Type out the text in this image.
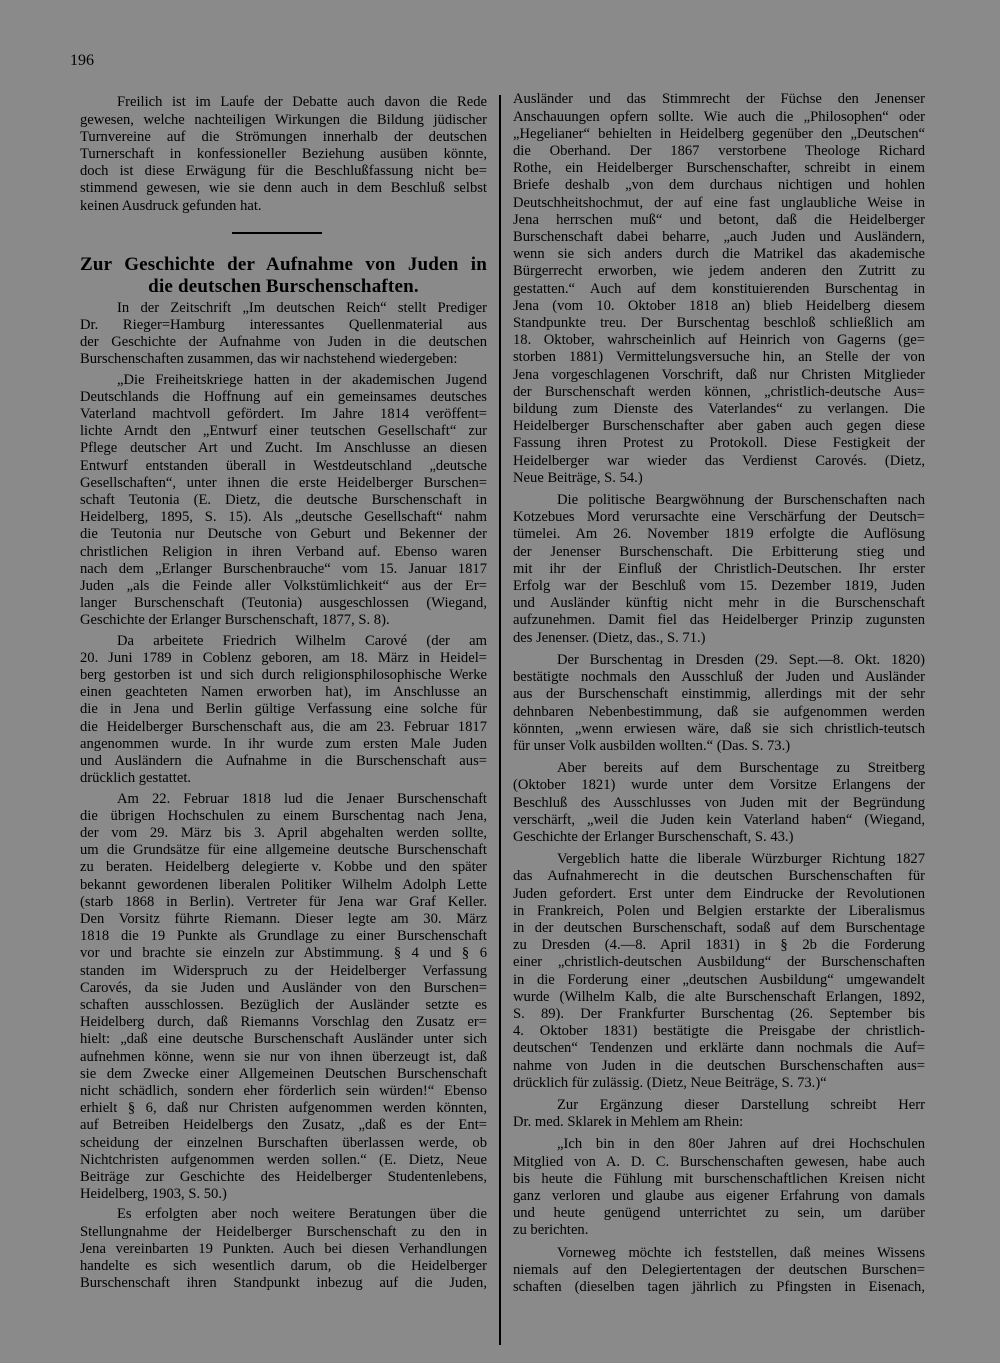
196
Freilich ist im Laufe der Debatte auch davon die Rede
gewesen, welche nachteiligen Wirkungen die Bildung jüdischer
Turnvereine auf die Strömungen innerhalb der deutschen
Turnerschaft in konfessioneller Beziehung ausüben könnte,
doch ist diese Erwägung für die Beschlußfassung nicht be=
stimmend gewesen, wie sie denn auch in dem Beschluß selbst
keinen Ausdruck gefunden hat.
Zur Geschichte der Aufnahme von Juden in
die deutschen Burschenschaften.
In der Zeitschrift „Im deutschen Reich“ stellt Prediger
Dr. Rieger=Hamburg interessantes Quellenmaterial aus
der Geschichte der Aufnahme von Juden in die deutschen
Burschenschaften zusammen, das wir nachstehend wiedergeben:
„Die Freiheitskriege hatten in der akademischen Jugend
Deutschlands die Hoffnung auf ein gemeinsames deutsches
Vaterland machtvoll gefördert. Im Jahre 1814 veröffent=
lichte Arndt den „Entwurf einer teutschen Gesellschaft“ zur
Pflege deutscher Art und Zucht. Im Anschlusse an diesen
Entwurf entstanden überall in Westdeutschland „deutsche
Gesellschaften“, unter ihnen die erste Heidelberger Burschen=
schaft Teutonia (E. Dietz, die deutsche Burschenschaft in
Heidelberg, 1895, S. 15). Als „deutsche Gesellschaft“ nahm
die Teutonia nur Deutsche von Geburt und Bekenner der
christlichen Religion in ihren Verband auf. Ebenso waren
nach dem „Erlanger Burschenbrauche“ vom 15. Januar 1817
Juden „als die Feinde aller Volkstümlichkeit“ aus der Er=
langer Burschenschaft (Teutonia) ausgeschlossen (Wiegand,
Geschichte der Erlanger Burschenschaft, 1877, S. 8).
Da arbeitete Friedrich Wilhelm Carové (der am
20. Juni 1789 in Coblenz geboren, am 18. März in Heidel=
berg gestorben ist und sich durch religionsphilosophische Werke
einen geachteten Namen erworben hat), im Anschlusse an
die in Jena und Berlin gültige Verfassung eine solche für
die Heidelberger Burschenschaft aus, die am 23. Februar 1817
angenommen wurde. In ihr wurde zum ersten Male Juden
und Ausländern die Aufnahme in die Burschenschaft aus=
drücklich gestattet.
Am 22. Februar 1818 lud die Jenaer Burschenschaft
die übrigen Hochschulen zu einem Burschentag nach Jena,
der vom 29. März bis 3. April abgehalten werden sollte,
um die Grundsätze für eine allgemeine deutsche Burschenschaft
zu beraten. Heidelberg delegierte v. Kobbe und den später
bekannt gewordenen liberalen Politiker Wilhelm Adolph Lette
(starb 1868 in Berlin). Vertreter für Jena war Graf Keller.
Den Vorsitz führte Riemann. Dieser legte am 30. März
1818 die 19 Punkte als Grundlage zu einer Burschenschaft
vor und brachte sie einzeln zur Abstimmung. § 4 und § 6
standen im Widerspruch zu der Heidelberger Verfassung
Carovés, da sie Juden und Ausländer von den Burschen=
schaften ausschlossen. Bezüglich der Ausländer setzte es
Heidelberg durch, daß Riemanns Vorschlag den Zusatz er=
hielt: „daß eine deutsche Burschenschaft Ausländer unter sich
aufnehmen könne, wenn sie nur von ihnen überzeugt ist, daß
sie dem Zwecke einer Allgemeinen Deutschen Burschenschaft
nicht schädlich, sondern eher förderlich sein würden!“ Ebenso
erhielt § 6, daß nur Christen aufgenommen werden könnten,
auf Betreiben Heidelbergs den Zusatz, „daß es der Ent=
scheidung der einzelnen Burschaften überlassen werde, ob
Nichtchristen aufgenommen werden sollen.“ (E. Dietz, Neue
Beiträge zur Geschichte des Heidelberger Studentenlebens,
Heidelberg, 1903, S. 50.)
Es erfolgten aber noch weitere Beratungen über die
Stellungnahme der Heidelberger Burschenschaft zu den in
Jena vereinbarten 19 Punkten. Auch bei diesen Verhandlungen
handelte es sich wesentlich darum, ob die Heidelberger
Burschenschaft ihren Standpunkt inbezug auf die Juden,
Ausländer und das Stimmrecht der Füchse den Jenenser
Anschauungen opfern sollte. Wie auch die „Philosophen“ oder
„Hegelianer“ behielten in Heidelberg gegenüber den „Deutschen“
die Oberhand. Der 1867 verstorbene Theologe Richard
Rothe, ein Heidelberger Burschenschafter, schreibt in einem
Briefe deshalb „von dem durchaus nichtigen und hohlen
Deutschheitshochmut, der auf eine fast unglaubliche Weise in
Jena herrschen muß“ und betont, daß die Heidelberger
Burschenschaft dabei beharre, „auch Juden und Ausländern,
wenn sie sich anders durch die Matrikel das akademische
Bürgerrecht erworben, wie jedem anderen den Zutritt zu
gestatten.“ Auch auf dem konstituierenden Burschentag in
Jena (vom 10. Oktober 1818 an) blieb Heidelberg diesem
Standpunkte treu. Der Burschentag beschloß schließlich am
18. Oktober, wahrscheinlich auf Heinrich von Gagerns (ge=
storben 1881) Vermittelungsversuche hin, an Stelle der von
Jena vorgeschlagenen Vorschrift, daß nur Christen Mitglieder
der Burschenschaft werden können, „christlich-deutsche Aus=
bildung zum Dienste des Vaterlandes“ zu verlangen. Die
Heidelberger Burschenschafter aber gaben auch gegen diese
Fassung ihren Protest zu Protokoll. Diese Festigkeit der
Heidelberger war wieder das Verdienst Carovés. (Dietz,
Neue Beiträge, S. 54.)
Die politische Beargwöhnung der Burschenschaften nach
Kotzebues Mord verursachte eine Verschärfung der Deutsch=
tümelei. Am 26. November 1819 erfolgte die Auflösung
der Jenenser Burschenschaft. Die Erbitterung stieg und
mit ihr der Einfluß der Christlich-Deutschen. Ihr erster
Erfolg war der Beschluß vom 15. Dezember 1819, Juden
und Ausländer künftig nicht mehr in die Burschenschaft
aufzunehmen. Damit fiel das Heidelberger Prinzip zugunsten
des Jenenser. (Dietz, das., S. 71.)
Der Burschentag in Dresden (29. Sept.—8. Okt. 1820)
bestätigte nochmals den Ausschluß der Juden und Ausländer
aus der Burschenschaft einstimmig, allerdings mit der sehr
dehnbaren Nebenbestimmung, daß sie aufgenommen werden
könnten, „wenn erwiesen wäre, daß sie sich christlich-teutsch
für unser Volk ausbilden wollten.“ (Das. S. 73.)
Aber bereits auf dem Burschentage zu Streitberg
(Oktober 1821) wurde unter dem Vorsitze Erlangens der
Beschluß des Ausschlusses von Juden mit der Begründung
verschärft, „weil die Juden kein Vaterland haben“ (Wiegand,
Geschichte der Erlanger Burschenschaft, S. 43.)
Vergeblich hatte die liberale Würzburger Richtung 1827
das Aufnahmerecht in die deutschen Burschenschaften für
Juden gefordert. Erst unter dem Eindrucke der Revolutionen
in Frankreich, Polen und Belgien erstarkte der Liberalismus
in der deutschen Burschenschaft, sodaß auf dem Burschentage
zu Dresden (4.—8. April 1831) in § 2b die Forderung
einer „christlich-deutschen Ausbildung“ der Burschenschaften
in die Forderung einer „deutschen Ausbildung“ umgewandelt
wurde (Wilhelm Kalb, die alte Burschenschaft Erlangen, 1892,
S. 89). Der Frankfurter Burschentag (26. September bis
4. Oktober 1831) bestätigte die Preisgabe der christlich-
deutschen“ Tendenzen und erklärte dann nochmals die Auf=
nahme von Juden in die deutschen Burschenschaften aus=
drücklich für zulässig. (Dietz, Neue Beiträge, S. 73.)“
Zur Ergänzung dieser Darstellung schreibt Herr
Dr. med. Sklarek in Mehlem am Rhein:
„Ich bin in den 80er Jahren auf drei Hochschulen
Mitglied von A. D. C. Burschenschaften gewesen, habe auch
bis heute die Fühlung mit burschenschaftlichen Kreisen nicht
ganz verloren und glaube aus eigener Erfahrung von damals
und heute genügend unterrichtet zu sein, um darüber
zu berichten.
Vorneweg möchte ich feststellen, daß meines Wissens
niemals auf den Delegiertentagen der deutschen Burschen=
schaften (dieselben tagen jährlich zu Pfingsten in Eisenach,
